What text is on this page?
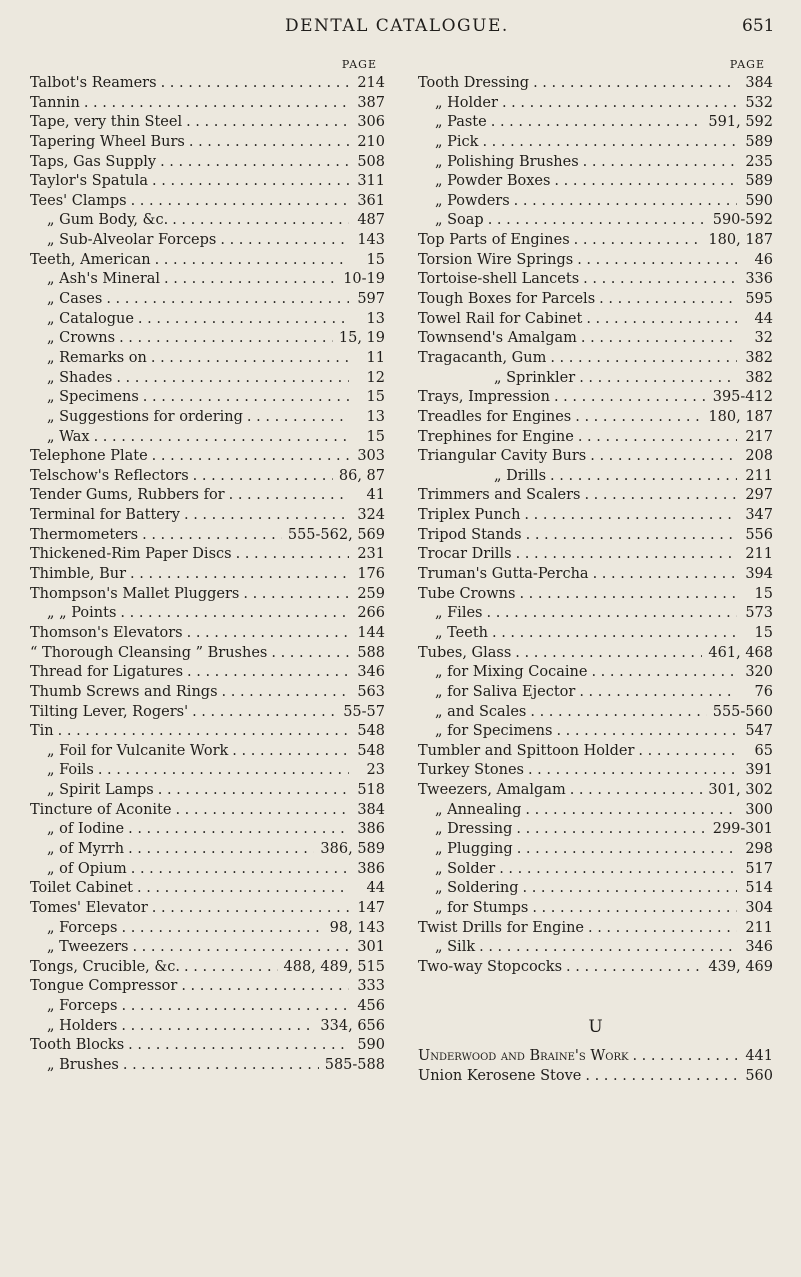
DENTAL CATALOGUE.	651
PAGE
Talbot's Reamers . . .	214
Tannin . . .	387
Tape, very thin Steel . . .	306
Tapering Wheel Burs . . .	210
Taps, Gas Supply . . .	508
Taylor's Spatula . . .	311
Tees' Clamps . . .	361
„ Gum Body, &c. . . .	487
„ Sub-Alveolar Forceps . . .	143
Teeth, American . . .	15
„ Ash's Mineral . . .	10-19
„ Cases . . .	597
„ Catalogue . . .	13
„ Crowns . . .	15, 19
„ Remarks on . . .	11
„ Shades . . .	12
„ Specimens . . .	15
„ Suggestions for ordering . . .	13
„ Wax . . .	15
Telephone Plate . . .	303
Telschow's Reflectors . . .	86, 87
Tender Gums, Rubbers for . . .	41
Terminal for Battery . . .	324
Thermometers . . .	555-562, 569
Thickened-Rim Paper Discs . . .	231
Thimble, Bur . . .	176
Thompson's Mallet Pluggers . . .	259
„ „ Points . . .	266
Thomson's Elevators . . .	144
“ Thorough Cleansing ” Brushes . . .	588
Thread for Ligatures . . .	346
Thumb Screws and Rings . . .	563
Tilting Lever, Rogers' . . .	55-57
Tin . . .	548
„ Foil for Vulcanite Work . . .	548
„ Foils . . .	23
„ Spirit Lamps . . .	518
Tincture of Aconite . . .	384
„ of Iodine . . .	386
„ of Myrrh . . .	386, 589
„ of Opium . . .	386
Toilet Cabinet . . .	44
Tomes' Elevator . . .	147
„ Forceps . . .	98, 143
„ Tweezers . . .	301
Tongs, Crucible, &c. . . .	488, 489, 515
Tongue Compressor . . .	333
„ Forceps . . .	456
„ Holders . . .	334, 656
Tooth Blocks . . .	590
„ Brushes . . .	585-588
PAGE
Tooth Dressing . . .	384
„ Holder . . .	532
„ Paste . . .	591, 592
„ Pick . . .	589
„ Polishing Brushes . . .	235
„ Powder Boxes . . .	589
„ Powders . . .	590
„ Soap . . .	590-592
Top Parts of Engines . . .	180, 187
Torsion Wire Springs . . .	46
Tortoise-shell Lancets . . .	336
Tough Boxes for Parcels . . .	595
Towel Rail for Cabinet . . .	44
Townsend's Amalgam . . .	32
Tragacanth, Gum . . .	382
„ Sprinkler . . .	382
Trays, Impression . . .	395-412
Treadles for Engines . . .	180, 187
Trephines for Engine . . .	217
Triangular Cavity Burs . . .	208
„ Drills . . .	211
Trimmers and Scalers . . .	297
Triplex Punch . . .	347
Tripod Stands . . .	556
Trocar Drills . . .	211
Truman's Gutta-Percha . . .	394
Tube Crowns . . .	15
„ Files . . .	573
„ Teeth . . .	15
Tubes, Glass . . .	461, 468
„ for Mixing Cocaine . . .	320
„ for Saliva Ejector . . .	76
„ and Scales . . .	555-560
„ for Specimens . . .	547
Tumbler and Spittoon Holder . . .	65
Turkey Stones . . .	391
Tweezers, Amalgam . . .	301, 302
„ Annealing . . .	300
„ Dressing . . .	299-301
„ Plugging . . .	298
„ Solder . . .	517
„ Soldering . . .	514
„ for Stumps . . .	304
Twist Drills for Engine . . .	211
„ Silk . . .	346
Two-way Stopcocks . . .	439, 469
U
Underwood and Braine's Work . . .	441
Union Kerosene Stove . . .	560
